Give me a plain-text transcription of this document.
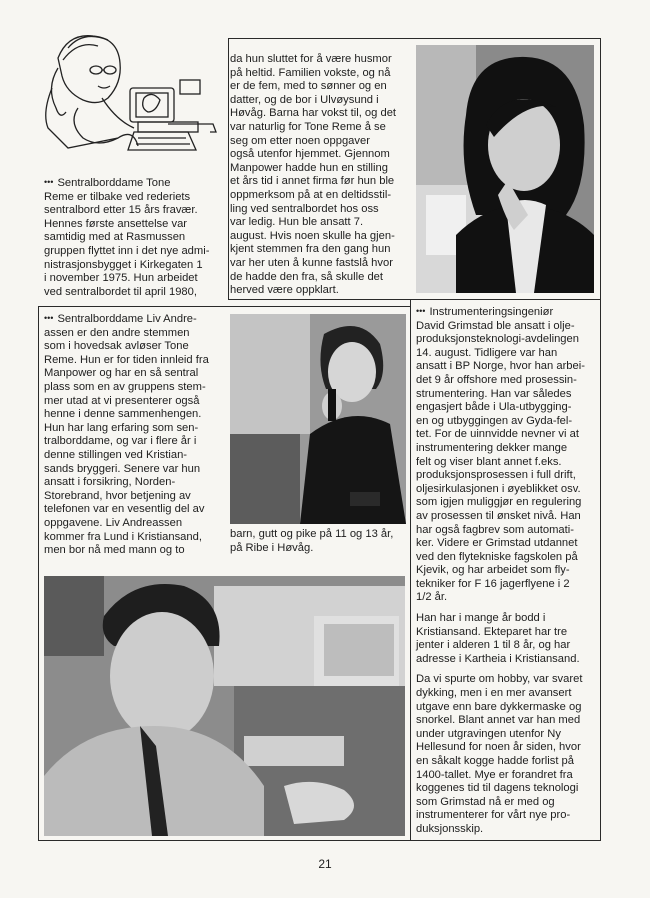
••• Sentralborddame Tone
Reme er tilbake ved rederiets
sentralbord etter 15 års fravær.
Hennes første ansettelse var
samtidig med at Rasmussen
gruppen flyttet inn i det nye admi-
nistrasjonsbygget i Kirkegaten 1
i november 1975. Hun arbeidet
ved sentralbordet til april 1980,

da hun sluttet for å være husmor
på heltid. Familien vokste, og nå
er de fem, med to sønner og en
datter, og de bor i Ulvøysund i
Høvåg. Barna har vokst til, og det
var naturlig for Tone Reme å se
seg om etter noen oppgaver
også utenfor hjemmet. Gjennom
Manpower hadde hun en stilling
et års tid i annet firma før hun ble
oppmerksom på at en deltidsstil-
ling ved sentralbordet hos oss
var ledig. Hun ble ansatt 7.
august. Hvis noen skulle ha gjen-
kjent stemmen fra den gang hun
var her uten å kunne fastslå hvor
de hadde den fra, så skulle det
herved være oppklart.

••• Sentralborddame Liv Andre-
assen er den andre stemmen
som i hovedsak avløser Tone
Reme. Hun er for tiden innleid fra
Manpower og har en så sentral
plass som en av gruppens stem-
mer utad at vi presenterer også
henne i denne sammenhengen.
Hun har lang erfaring som sen-
tralborddame, og var i flere år i
denne stillingen ved Kristian-
sands bryggeri. Senere var hun
ansatt i forsikring, Norden-
Storebrand, hvor betjening av
telefonen var en vesentlig del av
oppgavene. Liv Andreassen
kommer fra Lund i Kristiansand,
men bor nå med mann og to

barn, gutt og pike på 11 og 13 år,
på Ribe i Høvåg.

••• Instrumenteringsingeniør
David Grimstad ble ansatt i olje-
produksjonsteknologi-avdelingen
14. august. Tidligere var han
ansatt i BP Norge, hvor han arbei-
det 9 år offshore med prosessin-
strumentering. Han var således
engasjert både i Ula-utbygging-
en og utbyggingen av Gyda-fel-
tet. For de uinnvidde nevner vi at
instrumentering dekker mange
felt og viser blant annet f.eks.
produksjonsprosessen i full drift,
oljesirkulasjonen i øyeblikket osv.
som igjen muliggjør en regulering
av prosessen til ønsket nivå. Han
har også fagbrev som automati-
ker. Videre er Grimstad utdannet
ved den flytekniske fagskolen på
Kjevik, og har arbeidet som fly-
tekniker for F 16 jagerflyene i 2
1/2 år.

Han har i mange år bodd i
Kristiansand. Ekteparet har tre
jenter i alderen 1 til 8 år, og har
adresse i Kartheia i Kristiansand.

Da vi spurte om hobby, var svaret
dykking, men i en mer avansert
utgave enn bare dykkermaske og
snorkel. Blant annet var han med
under utgravingen utenfor Ny
Hellesund for noen år siden, hvor
en såkalt kogge hadde forlist på
1400-tallet. Mye er forandret fra
koggenes tid til dagens teknologi
som Grimstad nå er med og
instrumenterer for vårt nye pro-
duksjonsskip.

21
